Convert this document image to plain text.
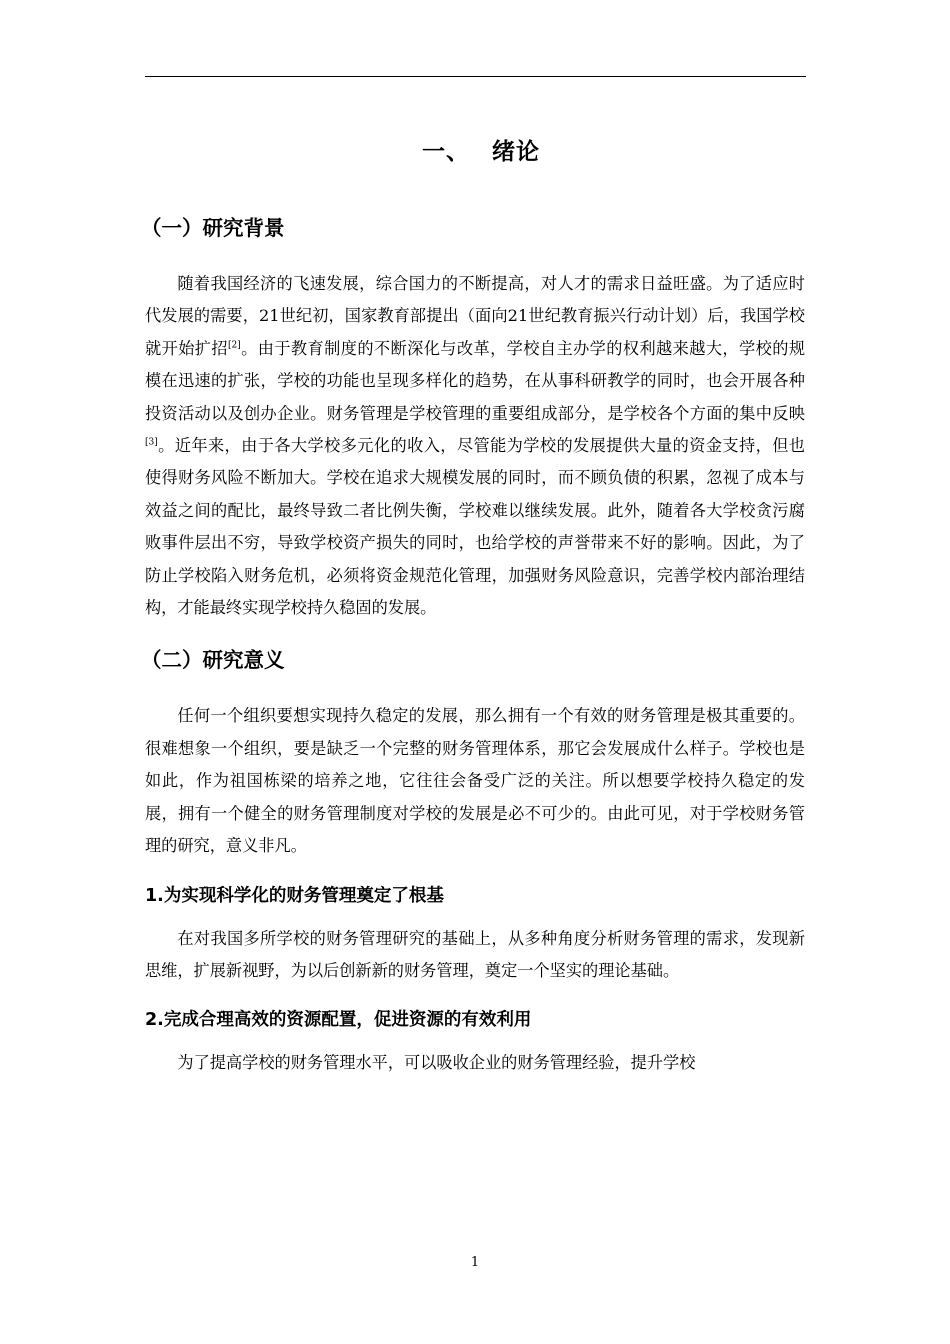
一、 绪论
（一）研究背景

随着我国经济的飞速发展，综合国力的不断提高，对人才的需求日益旺盛。为了适应时代发展的需要，21世纪初，国家教育部提出（面向21世纪教育振兴行动计划）后，我国学校就开始扩招[2]。由于教育制度的不断深化与改革，学校自主办学的权利越来越大，学校的规模在迅速的扩张，学校的功能也呈现多样化的趋势，在从事科研教学的同时，也会开展各种投资活动以及创办企业。财务管理是学校管理的重要组成部分，是学校各个方面的集中反映[3]。近年来，由于各大学校多元化的收入，尽管能为学校的发展提供大量的资金支持，但也使得财务风险不断加大。学校在追求大规模发展的同时，而不顾负债的积累，忽视了成本与效益之间的配比，最终导致二者比例失衡，学校难以继续发展。此外，随着各大学校贪污腐败事件层出不穷，导致学校资产损失的同时，也给学校的声誉带来不好的影响。因此，为了防止学校陷入财务危机，必须将资金规范化管理，加强财务风险意识，完善学校内部治理结构，才能最终实现学校持久稳固的发展。

（二）研究意义

任何一个组织要想实现持久稳定的发展，那么拥有一个有效的财务管理是极其重要的。很难想象一个组织，要是缺乏一个完整的财务管理体系，那它会发展成什么样子。学校也是如此，作为祖国栋梁的培养之地，它往往会备受广泛的关注。所以想要学校持久稳定的发展，拥有一个健全的财务管理制度对学校的发展是必不可少的。由此可见，对于学校财务管理的研究，意义非凡。

1.为实现科学化的财务管理奠定了根基

在对我国多所学校的财务管理研究的基础上，从多种角度分析财务管理的需求，发现新思维，扩展新视野，为以后创新新的财务管理，奠定一个坚实的理论基础。

2.完成合理高效的资源配置，促进资源的有效利用

为了提高学校的财务管理水平，可以吸收企业的财务管理经验，提升学校

1
